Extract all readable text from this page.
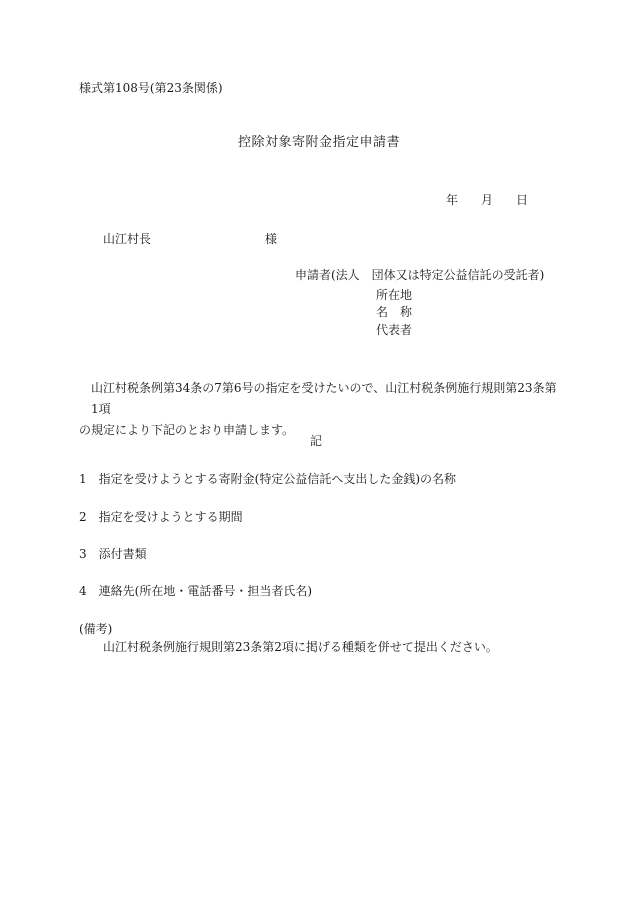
様式第108号(第23条関係)
控除対象寄附金指定申請書
年 月 日
山江村長	様
申請者(法人　団体又は特定公益信託の受託者)
所在地
名　称
代表者
山江村税条例第34条の7第6号の指定を受けたいので、山江村税条例施行規則第23条第1項
の規定により下記のとおり申請します。
記
1　指定を受けようとする寄附金(特定公益信託へ支出した金銭)の名称
2　指定を受けようとする期間
3　添付書類
4　連絡先(所在地・電話番号・担当者氏名)
(備考)
山江村税条例施行規則第23条第2項に掲げる種類を併せて提出ください。
